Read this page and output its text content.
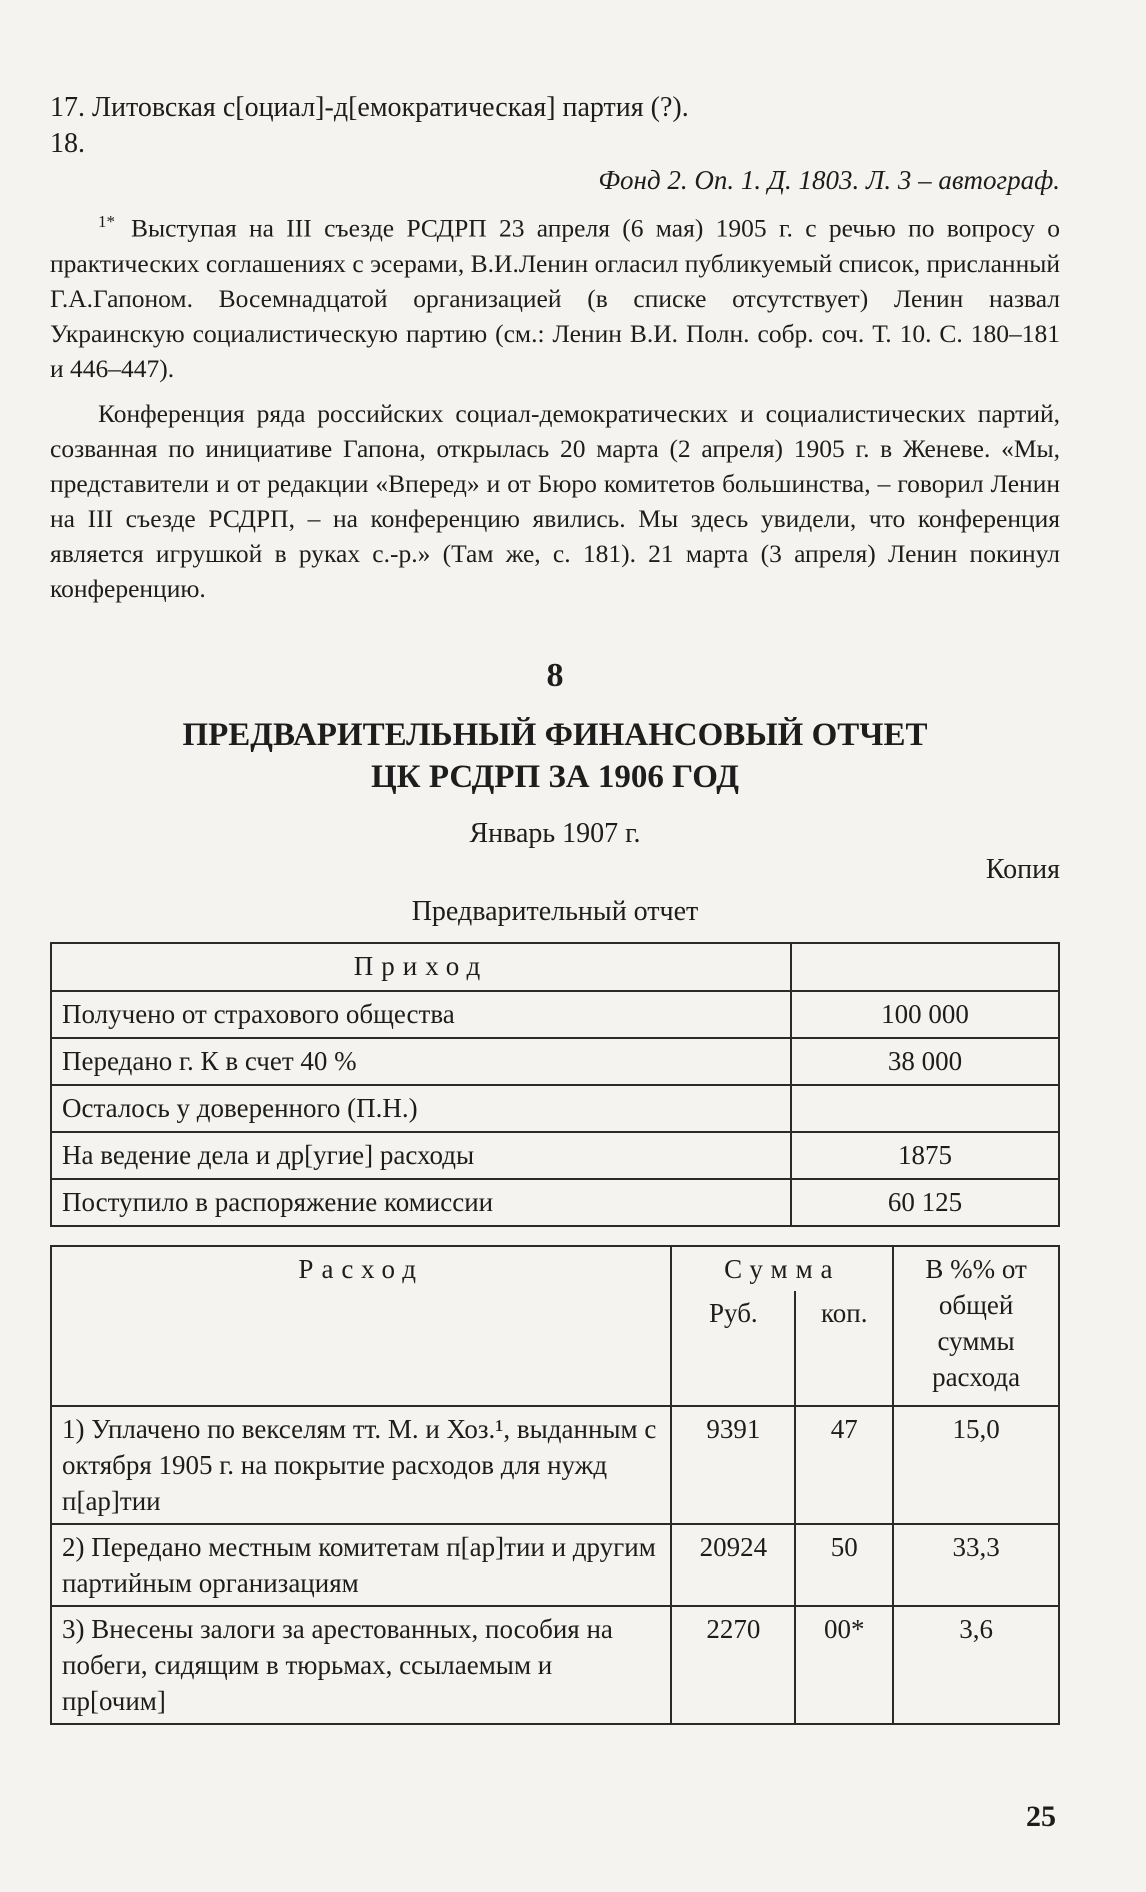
17. Литовская с[оциал]-д[емократическая] партия (?).

18.

Фонд 2. Оп. 1. Д. 1803. Л. 3 – автограф.

$^{1*}$ Выступая на III съезде РСДРП 23 апреля (6 мая) 1905 г. с речью по вопросу о практических соглашениях с эсерами, В.И.Ленин огласил публикуемый список, присланный Г.А.Гапоном. Восемнадцатой организацией (в списке отсутствует) Ленин назвал Украинскую социалистическую партию (см.: Ленин В.И. Полн. собр. соч. Т. 10. С. 180–181 и 446–447).

Конференция ряда российских социал-демократических и социалистических партий, созванная по инициативе Гапона, открылась 20 марта (2 апреля) 1905 г. в Женеве. «Мы, представители и от редакции «Вперед» и от Бюро комитетов большинства, – говорил Ленин на III съезде РСДРП, – на конференцию явились. Мы здесь увидели, что конференция является игрушкой в руках с.-р.» (Там же, с. 181). 21 марта (3 апреля) Ленин покинул конференцию.

8
ПРЕДВАРИТЕЛЬНЫЙ ФИНАНСОВЫЙ ОТЧЕТ
ЦК РСДРП ЗА 1906 ГОД
Январь 1907 г.
Копия
Предварительный отчет
Приход	
Получено от страхового общества	100 000
Передано г. К в счет 40 %	38 000
Осталось у доверенного (П.Н.)	
На ведение дела и др[угие] расходы	1875
Поступило в распоряжение комиссии	60 125
Расход	Сумма		В %% от общей суммы расхода
	Руб.	коп.	
1) Уплачено по векселям тт. М. и Хоз.¹, выданным с октября 1905 г. на покрытие расходов для нужд п[ар]тии	9391	47	15,0
2) Передано местным комитетам п[ар]тии и другим партийным организациям	20924	50	33,3
3) Внесены залоги за арестованных, пособия на побеги, сидящим в тюрьмах, ссылаемым и пр[очим]	2270	00*	3,6
25
